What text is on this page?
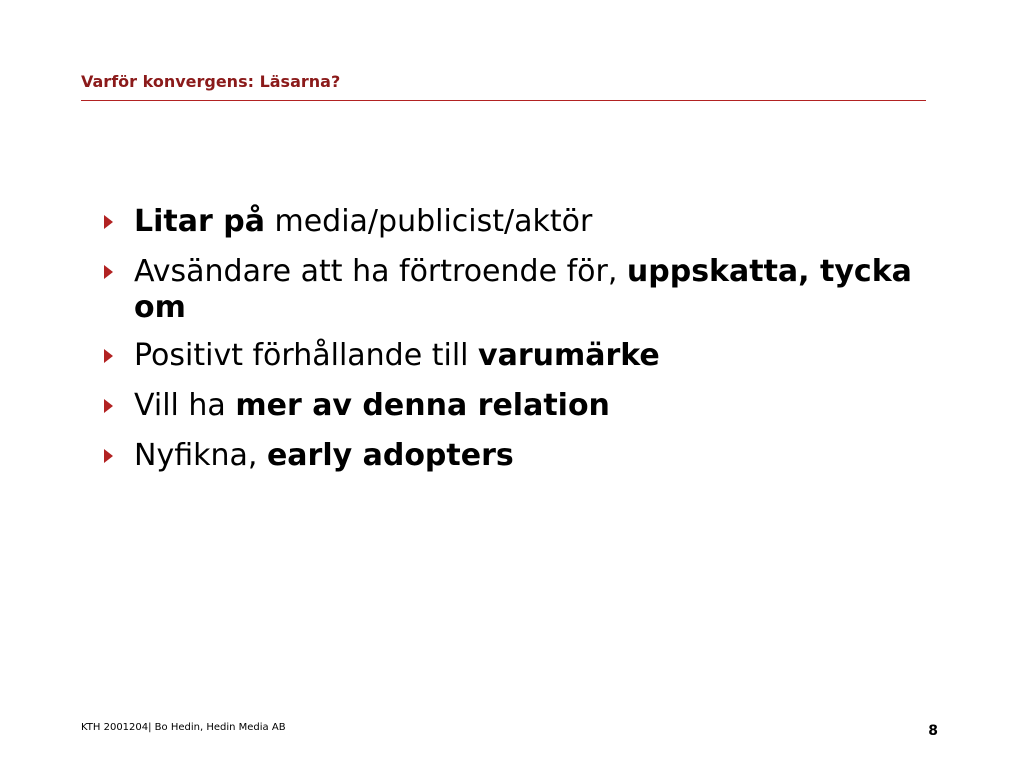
Varför konvergens: Läsarna?
Litar på media/publicist/aktör
Avsändare att ha förtroende för, uppskatta, tycka om
Positivt förhållande till varumärke
Vill ha mer av denna relation
Nyfikna, early adopters
KTH 2001204| Bo Hedin, Hedin Media AB	8
